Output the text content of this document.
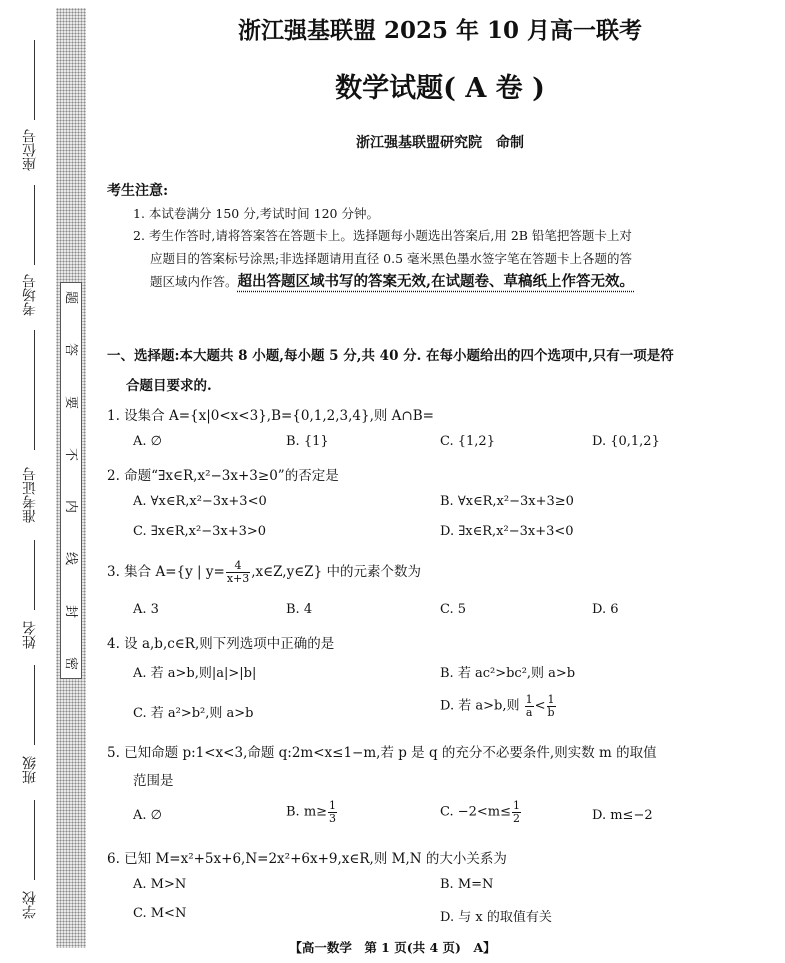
座位号
考场号
准考证号
姓名
班级
学校
题
答
要
不
内
线
封
密
浙江强基联盟 2025 年 10 月高一联考
数学试题( A 卷 )
浙江强基联盟研究院　命制
考生注意:
1. 本试卷满分 150 分,考试时间 120 分钟。
2. 考生作答时,请将答案答在答题卡上。选择题每小题选出答案后,用 2B 铅笔把答题卡上对
应题目的答案标号涂黑;非选择题请用直径 0.5 毫米黑色墨水签字笔在答题卡上各题的答
题区域内作答。超出答题区域书写的答案无效,在试题卷、草稿纸上作答无效。
一、选择题:本大题共 8 小题,每小题 5 分,共 40 分. 在每小题给出的四个选项中,只有一项是符
合题目要求的.
1. 设集合 A={x|0<x<3},B={0,1,2,3,4},则 A∩B=
A. ∅	B. {1}	C. {1,2}	D. {0,1,2}
2. 命题“∃x∈R,x²−3x+3≥0”的否定是
A. ∀x∈R,x²−3x+3<0	B. ∀x∈R,x²−3x+3≥0
C. ∃x∈R,x²−3x+3>0	D. ∃x∈R,x²−3x+3<0
3. 集合 A={y | $y= \frac{4}{x+3}$ ,x∈Z,y∈Z} 中的元素个数为
A. 3	B. 4	C. 5	D. 6
4. 设 a,b,c∈R,则下列选项中正确的是
A. 若 a>b,则|a|>|b|	B. 若 ac²>bc²,则 a>b
C. 若 a²>b²,则 a>b	D. 若 a>b,则 $\frac{1}{a} < \frac{1}{b}$
5. 已知命题 p:1<x<3,命题 q:2m<x≤1−m,若 p 是 q 的充分不必要条件,则实数 m 的取值
范围是
A. ∅	B. $m\ge \frac{1}{3}$	C. $-2<m\le \frac{1}{2}$	D. m≤−2
6. 已知 M=x²+5x+6,N=2x²+6x+9,x∈R,则 M,N 的大小关系为
A. M>N	B. M=N
C. M<N	D. 与 x 的取值有关
【高一数学　第 1 页(共 4 页)　A】
